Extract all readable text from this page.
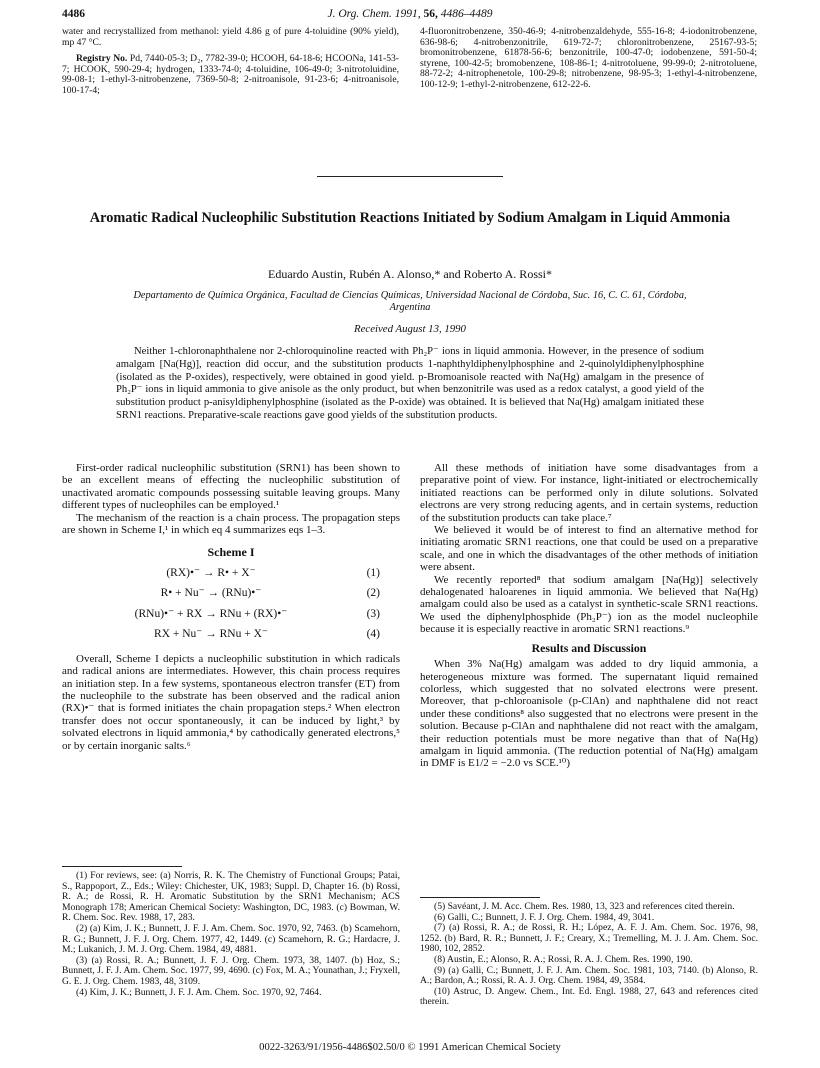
4486	J. Org. Chem. 1991, 56, 4486–4489

water and recrystallized from methanol: yield 4.86 g of pure 4-toluidine (90% yield), mp 47 °C.

Registry No. Pd, 7440-05-3; D₂, 7782-39-0; HCOOH, 64-18-6; HCOONa, 141-53-7; HCOOK, 590-29-4; hydrogen, 1333-74-0; 4-toluidine, 106-49-0; 3-nitrotoluidine, 99-08-1; 1-ethyl-3-nitrobenzene, 7369-50-8; 2-nitroanisole, 91-23-6; 4-nitroanisole, 100-17-4;

4-fluoronitrobenzene, 350-46-9; 4-nitrobenzaldehyde, 555-16-8; 4-iodonitrobenzene, 636-98-6; 4-nitrobenzonitrile, 619-72-7; chloronitrobenzene, 25167-93-5; bromonitrobenzene, 61878-56-6; benzonitrile, 100-47-0; iodobenzene, 591-50-4; styrene, 100-42-5; bromobenzene, 108-86-1; 4-nitrotoluene, 99-99-0; 2-nitrotoluene, 88-72-2; 4-nitrophenetole, 100-29-8; nitrobenzene, 98-95-3; 1-ethyl-4-nitrobenzene, 100-12-9; 1-ethyl-2-nitrobenzene, 612-22-6.

Aromatic Radical Nucleophilic Substitution Reactions Initiated by Sodium Amalgam in Liquid Ammonia
Eduardo Austin, Rubén A. Alonso,* and Roberto A. Rossi*
Departamento de Química Orgánica, Facultad de Ciencias Químicas, Universidad Nacional de Córdoba, Suc. 16, C. C. 61, Córdoba, Argentina
Received August 13, 1990
Neither 1-chloronaphthalene nor 2-chloroquinoline reacted with Ph₂P⁻ ions in liquid ammonia. However, in the presence of sodium amalgam [Na(Hg)], reaction did occur, and the substitution products 1-naphthyldiphenylphosphine and 2-quinolyldiphenylphosphine (isolated as the P-oxides), respectively, were obtained in good yield. p-Bromoanisole reacted with Na(Hg) amalgam in the presence of Ph₂P⁻ ions in liquid ammonia to give anisole as the only product, but when benzonitrile was used as a redox catalyst, a good yield of the substitution product p-anisyldiphenylphosphine (isolated as the P-oxide) was obtained. It is believed that Na(Hg) amalgam initiated these SRN1 reactions. Preparative-scale reactions gave good yields of the substitution products.

First-order radical nucleophilic substitution (SRN1) has been shown to be an excellent means of effecting the nucleophilic substitution of unactivated aromatic compounds possessing suitable leaving groups. Many different types of nucleophiles can be employed.¹

The mechanism of the reaction is a chain process. The propagation steps are shown in Scheme I,¹ in which eq 4 summarizes eqs 1–3.

Scheme I
(RX)•⁻ → R• + X⁻	(1)
R• + Nu⁻ → (RNu)•⁻	(2)
(RNu)•⁻ + RX → RNu + (RX)•⁻	(3)
RX + Nu⁻ → RNu + X⁻	(4)

Overall, Scheme I depicts a nucleophilic substitution in which radicals and radical anions are intermediates. However, this chain process requires an initiation step. In a few systems, spontaneous electron transfer (ET) from the nucleophile to the substrate has been observed and the radical anion (RX)•⁻ that is formed initiates the chain propagation steps.² When electron transfer does not occur spontaneously, it can be induced by light,³ by solvated electrons in liquid ammonia,⁴ by cathodically generated electrons,⁵ or by certain inorganic salts.⁶

(1) For reviews, see: (a) Norris, R. K. The Chemistry of Functional Groups; Patai, S., Rappoport, Z., Eds.; Wiley: Chichester, UK, 1983; Suppl. D, Chapter 16. (b) Rossi, R. A.; de Rossi, R. H. Aromatic Substitution by the SRN1 Mechanism; ACS Monograph 178; American Chemical Society: Washington, DC, 1983. (c) Bowman, W. R. Chem. Soc. Rev. 1988, 17, 283.

(2) (a) Kim, J. K.; Bunnett, J. F. J. Am. Chem. Soc. 1970, 92, 7463. (b) Scamehorn, R. G.; Bunnett, J. F. J. Org. Chem. 1977, 42, 1449. (c) Scamehorn, R. G.; Hardacre, J. M.; Lukanich, J. M. J. Org. Chem. 1984, 49, 4881.

(3) (a) Rossi, R. A.; Bunnett, J. F. J. Org. Chem. 1973, 38, 1407. (b) Hoz, S.; Bunnett, J. F. J. Am. Chem. Soc. 1977, 99, 4690. (c) Fox, M. A.; Younathan, J.; Fryxell, G. E. J. Org. Chem. 1983, 48, 3109.

(4) Kim, J. K.; Bunnett, J. F. J. Am. Chem. Soc. 1970, 92, 7464.

All these methods of initiation have some disadvantages from a preparative point of view. For instance, light-initiated or electrochemically initiated reactions can be performed only in dilute solutions. Solvated electrons are very strong reducing agents, and in certain systems, reduction of the substitution products can take place.⁷

We believed it would be of interest to find an alternative method for initiating aromatic SRN1 reactions, one that could be used on a preparative scale, and one in which the disadvantages of the other methods of initiation were absent.

We recently reported⁸ that sodium amalgam [Na(Hg)] selectively dehalogenated haloarenes in liquid ammonia. We believed that Na(Hg) amalgam could also be used as a catalyst in synthetic-scale SRN1 reactions. We used the diphenylphosphide (Ph₂P⁻) ion as the model nucleophile because it is especially reactive in aromatic SRN1 reactions.⁹

Results and Discussion

When 3% Na(Hg) amalgam was added to dry liquid ammonia, a heterogeneous mixture was formed. The supernatant liquid remained colorless, which suggested that no solvated electrons were present. Moreover, that p-chloroanisole (p-ClAn) and naphthalene did not react under these conditions⁸ also suggested that no electrons were present in the solution. Because p-ClAn and naphthalene did not react with the amalgam, their reduction potentials must be more negative than that of Na(Hg) amalgam in liquid ammonia. (The reduction potential of Na(Hg) amalgam in DMF is E1/2 = −2.0 vs SCE.¹⁰)

(5) Savéant, J. M. Acc. Chem. Res. 1980, 13, 323 and references cited therein.

(6) Galli, C.; Bunnett, J. F. J. Org. Chem. 1984, 49, 3041.

(7) (a) Rossi, R. A.; de Rossi, R. H.; López, A. F. J. Am. Chem. Soc. 1976, 98, 1252. (b) Bard, R. R.; Bunnett, J. F.; Creary, X.; Tremelling, M. J. J. Am. Chem. Soc. 1980, 102, 2852.

(8) Austin, E.; Alonso, R. A.; Rossi, R. A. J. Chem. Res. 1990, 190.

(9) (a) Galli, C.; Bunnett, J. F. J. Am. Chem. Soc. 1981, 103, 7140. (b) Alonso, R. A.; Bardon, A.; Rossi, R. A. J. Org. Chem. 1984, 49, 3584.

(10) Astruc, D. Angew. Chem., Int. Ed. Engl. 1988, 27, 643 and references cited therein.

0022-3263/91/1956-4486$02.50/0 © 1991 American Chemical Society
